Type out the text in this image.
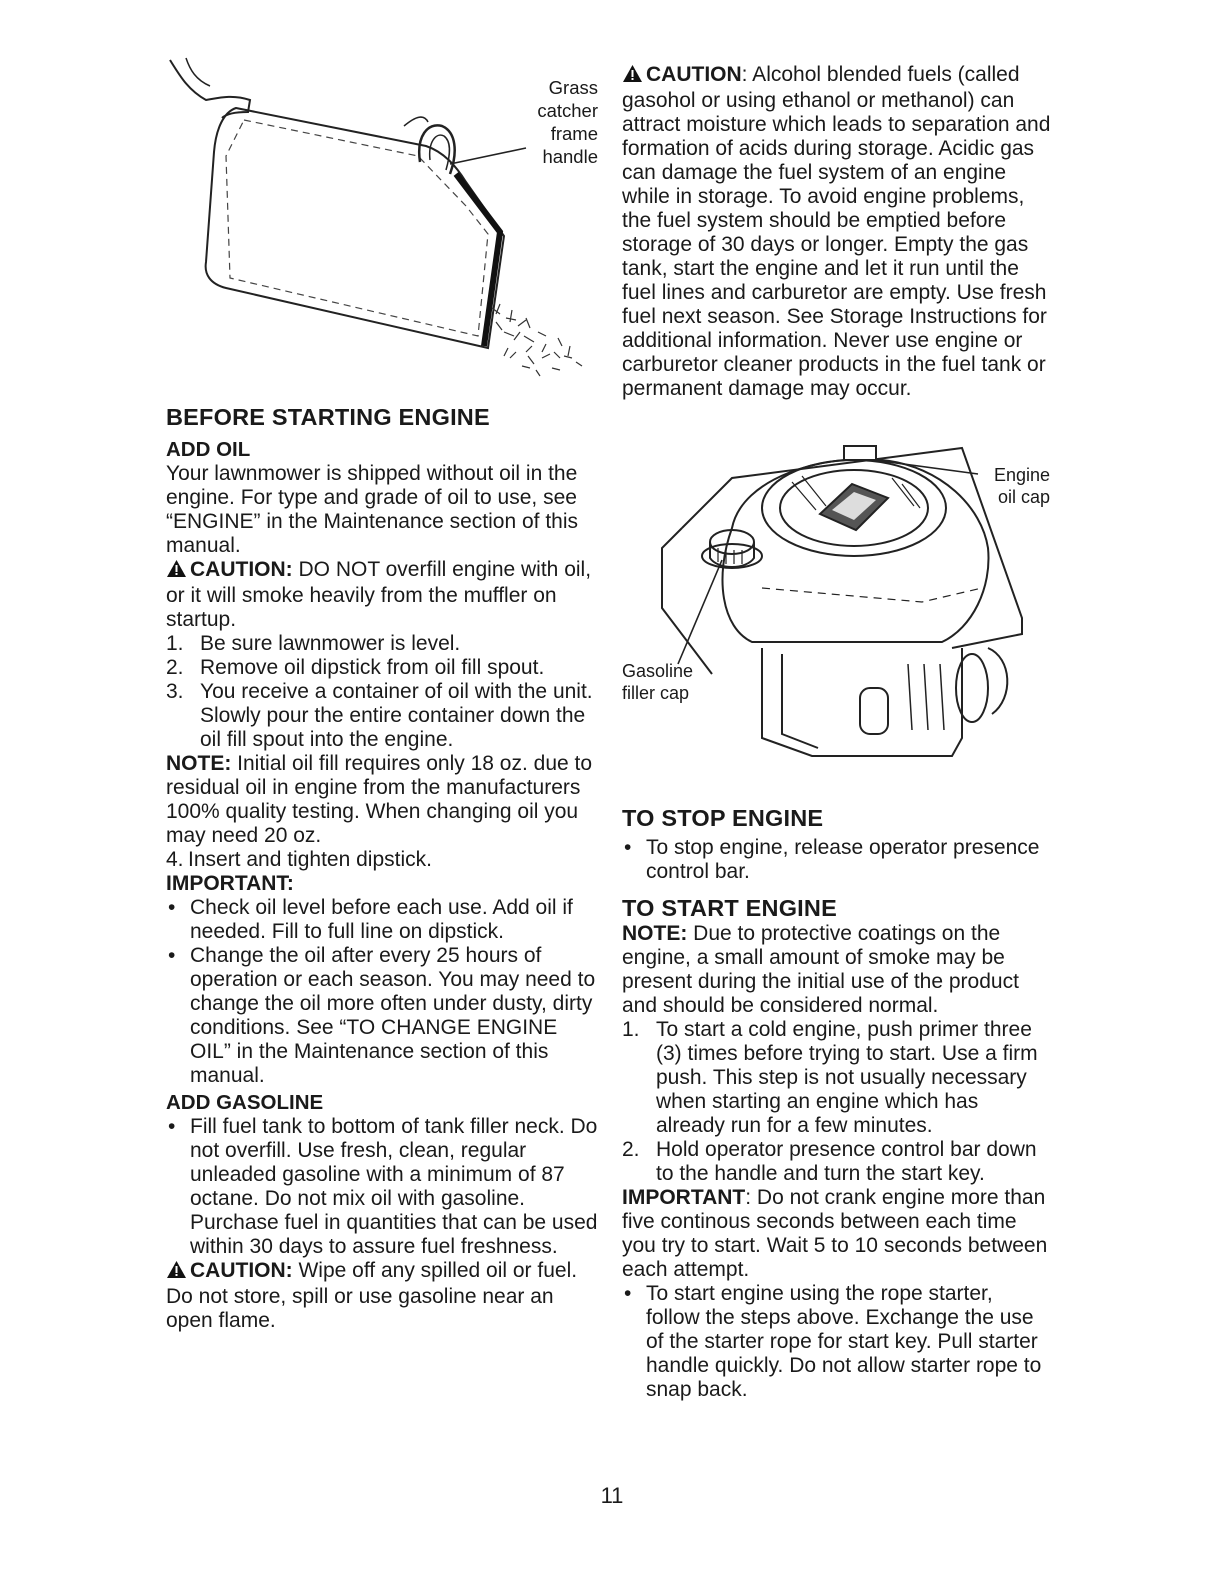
Grass
catcher
frame
handle
BEFORE STARTING ENGINE
ADD OIL

Your lawnmower is shipped without oil in the engine. For type and grade of oil to use, see “ENGINE” in the Maintenance section of this manual.

CAUTION: DO NOT overfill engine with oil, or it will smoke heavily from the muffler on startup.

1. Be sure lawnmower is level.
2. Remove oil dipstick from oil fill spout.
3. You receive a container of oil with the unit. Slowly pour the entire container down the oil fill spout into the engine.

NOTE: Initial oil fill requires only 18 oz. due to residual oil in engine from the manufacturers 100% quality testing. When changing oil you may need 20 oz.

4. Insert and tighten dipstick.

IMPORTANT:

• Check oil level before each use. Add oil if needed. Fill to full line on dipstick.
• Change the oil after every 25 hours of operation or each season. You may need to change the oil more often under dusty, dirty conditions. See “TO CHANGE ENGINE OIL” in the Maintenance section of this manual.
ADD GASOLINE
• Fill fuel tank to bottom of tank filler neck. Do not overfill. Use fresh, clean, regular unleaded gasoline with a minimum of 87 octane. Do not mix oil with gasoline. Purchase fuel in quantities that can be used within 30 days to assure fuel freshness.

CAUTION: Wipe off any spilled oil or fuel. Do not store, spill or use gasoline near an open flame.

CAUTION: Alcohol blended fuels (called gasohol or using ethanol or methanol) can attract moisture which leads to separation and formation of acids during storage. Acidic gas can damage the fuel system of an engine while in storage. To avoid engine problems, the fuel system should be emptied before storage of 30 days or longer. Empty the gas tank, start the engine and let it run until the fuel lines and carburetor are empty. Use fresh fuel next season. See Storage Instructions for additional information. Never use engine or carburetor cleaner products in the fuel tank or permanent damage may occur.

Engine
oil cap
Gasoline
filler cap
TO STOP ENGINE
• To stop engine, release operator presence control bar.
TO START ENGINE

NOTE: Due to protective coatings on the engine, a small amount of smoke may be present during the initial use of the product and should be considered normal.

1. To start a cold engine, push primer three (3) times before trying to start. Use a firm push. This step is not usually necessary when starting an engine which has already run for a few minutes.
2. Hold operator presence control bar down to the handle and turn the start key.

IMPORTANT: Do not crank engine more than five continous seconds between each time you try to start. Wait 5 to 10 seconds between each attempt.

• To start engine using the rope starter, follow the steps above. Exchange the use of the starter rope for start key. Pull starter handle quickly. Do not allow starter rope to snap back.
11
